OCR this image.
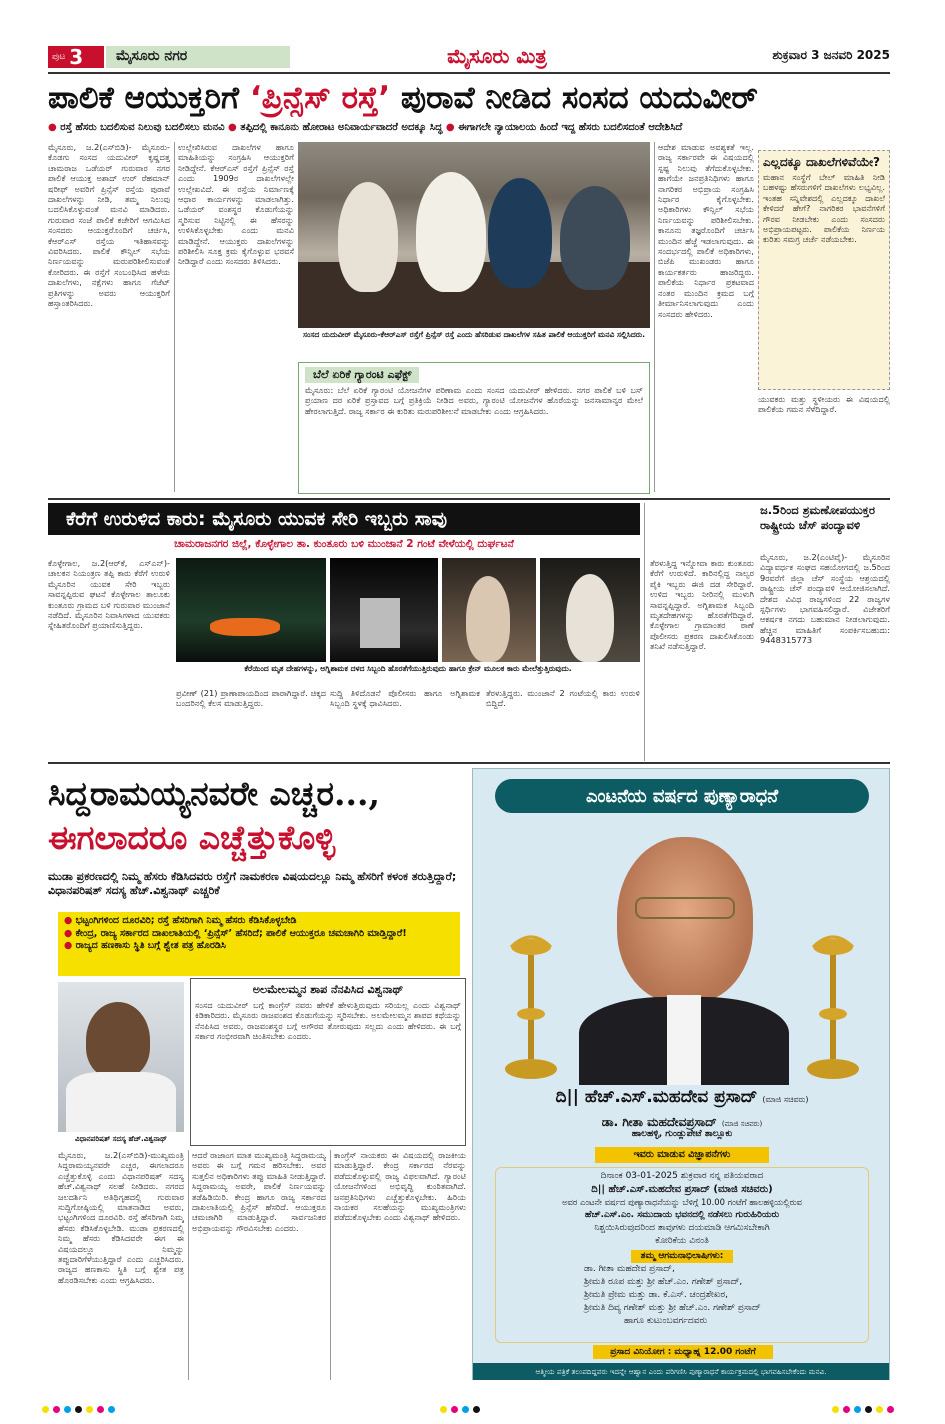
ಪುಟ 3	ಮೈಸೂರು ನಗರ	ಮೈಸೂರು ಮಿತ್ರ	ಶುಕ್ರವಾರ 3 ಜನವರಿ 2025
ಪಾಲಿಕೆ ಆಯುಕ್ತರಿಗೆ ‘ಪ್ರಿನ್ಸೆಸ್ ರಸ್ತೆ’ ಪುರಾವೆ ನೀಡಿದ ಸಂಸದ ಯದುವೀರ್
● ರಸ್ತೆ ಹೆಸರು ಬದಲಿಸುವ ನಿಲುವು ಬದಲಿಸಲು ಮನವಿ ● ತಪ್ಪಿದಲ್ಲಿ ಕಾನೂನು ಹೋರಾಟ ಅನಿವಾರ್ಯವಾದರೆ ಅದಕ್ಕೂ ಸಿದ್ಧ ● ಈಗಾಗಲೇ ನ್ಯಾಯಾಲಯ ಹಿಂದೆ ಇದ್ದ ಹೆಸರು ಬದಲಿಸದಂತೆ ಆದೇಶಿಸಿದೆ
ಮೈಸೂರು, ಜ.2(ಎಸ್‌ಬಿಡಿ)- ಮೈಸೂರು-ಕೊಡಗು ಸಂಸದ ಯದುವೀರ್ ಕೃಷ್ಣದತ್ತ ಚಾಮರಾಜ ಒಡೆಯರ್ ಗುರುವಾರ ನಗರ ಪಾಲಿಕೆ ಆಯುಕ್ತ ಅಶಾದ್ ಉರ್ ರೆಹಮಾನ್ ಷರೀಫ್ ಅವರಿಗೆ ಪ್ರಿನ್ಸೆಸ್ ರಸ್ತೆಯ ಪುರಾವೆ ದಾಖಲೆಗಳನ್ನು ನೀಡಿ, ತಮ್ಮ ನಿಲುವು ಬದಲಿಸಿಕೊಳ್ಳುವಂತೆ ಮನವಿ ಮಾಡಿದರು. ಗುರುವಾರ ಸಂಜೆ ಪಾಲಿಕೆ ಕಚೇರಿಗೆ ಆಗಮಿಸಿದ ಸಂಸದರು ಆಯುಕ್ತರೊಂದಿಗೆ ಚರ್ಚಿಸಿ, ಕೆಆರ್‌ಎಸ್ ರಸ್ತೆಯ ಇತಿಹಾಸವನ್ನು ವಿವರಿಸಿದರು. ಪಾಲಿಕೆ ಕೌನ್ಸಿಲ್ ಸಭೆಯ ನಿರ್ಣಯವನ್ನು ಮರುಪರಿಶೀಲಿಸುವಂತೆ ಕೋರಿದರು. ಈ ರಸ್ತೆಗೆ ಸಂಬಂಧಿಸಿದ ಹಳೆಯ ದಾಖಲೆಗಳು, ನಕ್ಷೆಗಳು ಹಾಗೂ ಗೆಜೆಟ್ ಪ್ರತಿಗಳನ್ನು ಅವರು ಆಯುಕ್ತರಿಗೆ ಹಸ್ತಾಂತರಿಸಿದರು.
ಉಲ್ಲೇಖಿಸಿರುವ ದಾಖಲೆಗಳ ಹಾಗೂ ಮಾಹಿತಿಯನ್ನು ಸಂಗ್ರಹಿಸಿ ಆಯುಕ್ತರಿಗೆ ನೀಡಿದ್ದೇನೆ. ಕೆಆರ್‌ಎಸ್ ರಸ್ತೆಗೆ ಪ್ರಿನ್ಸೆಸ್ ರಸ್ತೆ ಎಂದು 1909ರ ದಾಖಲೆಗಳಲ್ಲೇ ಉಲ್ಲೇಖವಿದೆ. ಈ ರಸ್ತೆಯ ನಿರ್ಮಾಣಕ್ಕೆ ಆಧಾರ ಕಾರ್ಯಗಳನ್ನು ಮಾಡಲಾಗಿತ್ತು. ಒಡೆಯರ್ ವಂಶಸ್ಥರ ಕೊಡುಗೆಯನ್ನು ಸ್ಮರಿಸುವ ನಿಟ್ಟಿನಲ್ಲಿ ಈ ಹೆಸರನ್ನು ಉಳಿಸಿಕೊಳ್ಳಬೇಕು ಎಂದು ಮನವಿ ಮಾಡಿದ್ದೇನೆ. ಆಯುಕ್ತರು ದಾಖಲೆಗಳನ್ನು ಪರಿಶೀಲಿಸಿ ಸೂಕ್ತ ಕ್ರಮ ಕೈಗೊಳ್ಳುವ ಭರವಸೆ ನೀಡಿದ್ದಾರೆ ಎಂದು ಸಂಸದರು ತಿಳಿಸಿದರು.
ಸಂಸದ ಯದುವೀರ್ ಮೈಸೂರು-ಕೆಆರ್‌ಎಸ್ ರಸ್ತೆಗೆ ಪ್ರಿನ್ಸೆಸ್ ರಸ್ತೆ ಎಂದು ಹೆಸರಿಡುವ ದಾಖಲೆಗಳ ಸಹಿತ ಪಾಲಿಕೆ ಆಯುಕ್ತರಿಗೆ ಮನವಿ ಸಲ್ಲಿಸಿದರು.
ಬೆಲೆ ಏರಿಕೆ ಗ್ಯಾರಂಟಿ ಎಫೆಕ್ಟ್
ಮೈಸೂರು: ಬೆಲೆ ಏರಿಕೆ ಗ್ಯಾರಂಟಿ ಯೋಜನೆಗಳ ಪರಿಣಾಮ ಎಂದು ಸಂಸದ ಯದುವೀರ್ ಹೇಳಿದರು. ನಗರ ಪಾಲಿಕೆ ಬಳಿ ಬಸ್ ಪ್ರಯಾಣ ದರ ಏರಿಕೆ ಪ್ರಸ್ತಾವದ ಬಗ್ಗೆ ಪ್ರತಿಕ್ರಿಯೆ ನೀಡಿದ ಅವರು, ಗ್ಯಾರಂಟಿ ಯೋಜನೆಗಳ ಹೊರೆಯನ್ನು ಜನಸಾಮಾನ್ಯರ ಮೇಲೆ ಹೇರಲಾಗುತ್ತಿದೆ. ರಾಜ್ಯ ಸರ್ಕಾರ ಈ ಕುರಿತು ಮರುಪರಿಶೀಲನೆ ಮಾಡಬೇಕು ಎಂದು ಆಗ್ರಹಿಸಿದರು.
ಆದೇಶ ಮಾಡುವ ಅವಶ್ಯಕತೆ ಇಲ್ಲ. ರಾಜ್ಯ ಸರ್ಕಾರವೇ ಈ ವಿಷಯದಲ್ಲಿ ಸ್ಪಷ್ಟ ನಿಲುವು ತೆಗೆದುಕೊಳ್ಳಬೇಕು. ಹಾಗೆಯೇ ಜನಪ್ರತಿನಿಧಿಗಳು ಹಾಗೂ ನಾಗರಿಕರ ಅಭಿಪ್ರಾಯ ಸಂಗ್ರಹಿಸಿ ನಿರ್ಧಾರ ಕೈಗೊಳ್ಳಬೇಕು. ಅಧಿಕಾರಿಗಳು ಕೌನ್ಸಿಲ್ ಸಭೆಯ ನಿರ್ಣಯವನ್ನು ಪರಿಶೀಲಿಸಬೇಕು. ಕಾನೂನು ತಜ್ಞರೊಂದಿಗೆ ಚರ್ಚಿಸಿ ಮುಂದಿನ ಹೆಜ್ಜೆ ಇಡಲಾಗುವುದು. ಈ ಸಂದರ್ಭದಲ್ಲಿ ಪಾಲಿಕೆ ಅಧಿಕಾರಿಗಳು, ಬಿಜೆಪಿ ಮುಖಂಡರು ಹಾಗೂ ಕಾರ್ಯಕರ್ತರು ಹಾಜರಿದ್ದರು. ಪಾಲಿಕೆಯ ನಿರ್ಧಾರ ಪ್ರಕಟವಾದ ನಂತರ ಮುಂದಿನ ಕ್ರಮದ ಬಗ್ಗೆ ತೀರ್ಮಾನಿಸಲಾಗುವುದು ಎಂದು ಸಂಸದರು ಹೇಳಿದರು.
ಎಲ್ಲದಕ್ಕೂ ದಾಖಲೆಗಳಿವೆಯೇ?
ಮಹಾನ ಸಂಸ್ಥೆಗೆ ಬೇಲ್ ಮಾಹಿತಿ ನೀಡಿ ಬಹಳಷ್ಟು ಹೆಸರುಗಳಿಗೆ ದಾಖಲೆಗಳು ಲಭ್ಯವಿಲ್ಲ. ಇಂತಹ ಸನ್ನಿವೇಶದಲ್ಲಿ ಎಲ್ಲದಕ್ಕೂ ದಾಖಲೆ ಕೇಳಿದರೆ ಹೇಗೆ? ನಾಗರಿಕರ ಭಾವನೆಗಳಿಗೆ ಗೌರವ ನೀಡಬೇಕು ಎಂದು ಸಂಸದರು ಅಭಿಪ್ರಾಯಪಟ್ಟರು. ಪಾಲಿಕೆಯ ನಿರ್ಣಯ ಕುರಿತು ಸಮಗ್ರ ಚರ್ಚೆ ನಡೆಯಬೇಕು.
ಯುವಕರು ಮತ್ತು ಸ್ಥಳೀಯರು ಈ ವಿಷಯದಲ್ಲಿ ಪಾಲಿಕೆಯ ಗಮನ ಸೆಳೆದಿದ್ದಾರೆ.
ಕೆರೆಗೆ ಉರುಳಿದ ಕಾರು: ಮೈಸೂರು ಯುವಕ ಸೇರಿ ಇಬ್ಬರು ಸಾವು
ಚಾಮರಾಜನಗರ ಜಿಲ್ಲೆ, ಕೊಳ್ಳೇಗಾಲ ತಾ. ಕುಂತೂರು ಬಳಿ ಮುಂಜಾನೆ 2 ಗಂಟೆ ವೇಳೆಯಲ್ಲಿ ದುರ್ಘಟನೆ
ಕೊಳ್ಳೇಗಾಲ, ಜ.2(ಆರ್‌ಕೆ, ಎಸ್‌ಎನ್)- ಚಾಲಕನ ನಿಯಂತ್ರಣ ತಪ್ಪಿ ಕಾರು ಕೆರೆಗೆ ಉರುಳಿ ಮೈಸೂರಿನ ಯುವಕ ಸೇರಿ ಇಬ್ಬರು ಸಾವನ್ನಪ್ಪಿರುವ ಘಟನೆ ಕೊಳ್ಳೇಗಾಲ ತಾಲೂಕು ಕುಂತೂರು ಗ್ರಾಮದ ಬಳಿ ಗುರುವಾರ ಮುಂಜಾನೆ ನಡೆದಿದೆ. ಮೈಸೂರಿನ ನಿವಾಸಿಗಳಾದ ಯುವಕರು ಸ್ನೇಹಿತರೊಂದಿಗೆ ಪ್ರಯಾಣಿಸುತ್ತಿದ್ದರು.
ಕೆರೆಯಿಂದ ಮೃತ ದೇಹಗಳನ್ನು, ಅಗ್ನಿಶಾಮಕ ದಳದ ಸಿಬ್ಬಂದಿ ಹೊರತೆಗೆಯುತ್ತಿರುವುದು ಹಾಗೂ ಕ್ರೇನ್ ಮೂಲಕ ಕಾರು ಮೇಲೆತ್ತುತ್ತಿರುವುದು.
ಪ್ರವೀಣ್ (21) ಪ್ರಾಣಾಪಾಯದಿಂದ ಪಾರಾಗಿದ್ದಾರೆ. ಚಿಕ್ಕದ ಬಂದರಿನಲ್ಲಿ ಕೆಲಸ ಮಾಡುತ್ತಿದ್ದರು.
ಸುದ್ದಿ ತಿಳಿದೊಡನೆ ಪೊಲೀಸರು ಹಾಗೂ ಅಗ್ನಿಶಾಮಕ ಸಿಬ್ಬಂದಿ ಸ್ಥಳಕ್ಕೆ ಧಾವಿಸಿದರು.
ತೆರಳುತ್ತಿದ್ದರು. ಮುಂಜಾನೆ 2 ಗಂಟೆಯಲ್ಲಿ ಕಾರು ಉರುಳಿ ಬಿದ್ದಿದೆ.
ತೆರಳುತ್ತಿದ್ದ ಇನ್ನೋವಾ ಕಾರು ಕುಂತೂರು ಕೆರೆಗೆ ಉರುಳಿದೆ. ಕಾರಿನಲ್ಲಿದ್ದ ನಾಲ್ವರ ಪೈಕಿ ಇಬ್ಬರು ಈಜಿ ದಡ ಸೇರಿದ್ದಾರೆ. ಉಳಿದ ಇಬ್ಬರು ನೀರಿನಲ್ಲಿ ಮುಳುಗಿ ಸಾವನ್ನಪ್ಪಿದ್ದಾರೆ. ಅಗ್ನಿಶಾಮಕ ಸಿಬ್ಬಂದಿ ಮೃತದೇಹಗಳನ್ನು ಹೊರತೆಗೆದಿದ್ದಾರೆ. ಕೊಳ್ಳೇಗಾಲ ಗ್ರಾಮಾಂತರ ಠಾಣೆ ಪೊಲೀಸರು ಪ್ರಕರಣ ದಾಖಲಿಸಿಕೊಂಡು ತನಿಖೆ ನಡೆಸುತ್ತಿದ್ದಾರೆ.
ಜ.5ರಿಂದ ಶ್ರಮಣೋಪಯುಕ್ತರ
ರಾಷ್ಟ್ರೀಯ ಚೆಸ್ ಪಂದ್ಯಾವಳಿ
ಮೈಸೂರು, ಜ.2(ಎಂಟಿವೈ)- ಮೈಸೂರಿನ ವಿದ್ಯಾವರ್ಧಕ ಸಂಘದ ಸಹಯೋಗದಲ್ಲಿ ಜ.5ರಿಂದ 9ರವರೆಗೆ ಜಿಲ್ಲಾ ಚೆಸ್ ಸಂಸ್ಥೆಯ ಆಶ್ರಯದಲ್ಲಿ ರಾಷ್ಟ್ರೀಯ ಚೆಸ್ ಪಂದ್ಯಾವಳಿ ಆಯೋಜಿಸಲಾಗಿದೆ. ದೇಶದ ವಿವಿಧ ರಾಜ್ಯಗಳಿಂದ 22 ರಾಜ್ಯಗಳ ಸ್ಪರ್ಧಿಗಳು ಭಾಗವಹಿಸಲಿದ್ದಾರೆ. ವಿಜೇತರಿಗೆ ಆಕರ್ಷಕ ನಗದು ಬಹುಮಾನ ನೀಡಲಾಗುವುದು. ಹೆಚ್ಚಿನ ಮಾಹಿತಿಗೆ ಸಂಪರ್ಕಿಸಬಹುದು: 9448315773
ಸಿದ್ದರಾಮಯ್ಯನವರೇ ಎಚ್ಚರ...,
ಈಗಲಾದರೂ ಎಚ್ಚೆತ್ತುಕೊಳ್ಳಿ
ಮುಡಾ ಪ್ರಕರಣದಲ್ಲಿ ನಿಮ್ಮ ಹೆಸರು ಕೆಡಿಸಿದವರು ರಸ್ತೆಗೆ ನಾಮಕರಣ ವಿಷಯದಲ್ಲೂ ನಿಮ್ಮ ಹೆಸರಿಗೆ ಕಳಂಕ ತರುತ್ತಿದ್ದಾರೆ; ವಿಧಾನಪರಿಷತ್ ಸದಸ್ಯ ಹೆಚ್.ವಿಶ್ವನಾಥ್ ಎಚ್ಚರಿಕೆ
● ಭಟ್ಟಂಗಿಗಳಿಂದ ದೂರವಿರಿ; ರಸ್ತೆ ಹೆಸರಿಗಾಗಿ ನಿಮ್ಮ ಹೆಸರು ಕೆಡಿಸಿಕೊಳ್ಳಬೇಡಿ
● ಕೇಂದ್ರ, ರಾಜ್ಯ ಸರ್ಕಾರದ ದಾಖಲಾತಿಯಲ್ಲಿ ‘ಪ್ರಿನ್ಸೆಸ್’ ಹೆಸರಿದೆ; ಪಾಲಿಕೆ ಆಯುಕ್ತರೂ ಚಮಚಾಗಿರಿ ಮಾಡ್ತಿದ್ದಾರೆ!
● ರಾಜ್ಯದ ಹಣಕಾಸು ಸ್ಥಿತಿ ಬಗ್ಗೆ ಶ್ವೇತ ಪತ್ರ ಹೊರಡಿಸಿ
ವಿಧಾನಪರಿಷತ್ ಸದಸ್ಯ ಹೆಚ್.ವಿಶ್ವನಾಥ್
ಅಲಮೇಲಮ್ಮನ ಶಾಪ ನೆನಪಿಸಿದ ವಿಶ್ವನಾಥ್
ಸಂಸದ ಯದುವೀರ್ ಬಗ್ಗೆ ಕಾಂಗ್ರೆಸ್ ನವರು ಹೇಳಿಕೆ ಹೇಳುತ್ತಿರುವುದು ಸರಿಯಲ್ಲ ಎಂದು ವಿಶ್ವನಾಥ್ ಕಿಡಿಕಾರಿದರು. ಮೈಸೂರು ರಾಜವಂಶದ ಕೊಡುಗೆಯನ್ನು ಸ್ಮರಿಸಬೇಕು. ಅಲಮೇಲಮ್ಮನ ಶಾಪದ ಕಥೆಯನ್ನು ನೆನಪಿಸಿದ ಅವರು, ರಾಜವಂಶಸ್ಥರ ಬಗ್ಗೆ ಅಗೌರವ ತೋರುವುದು ಸಲ್ಲದು ಎಂದು ಹೇಳಿದರು. ಈ ಬಗ್ಗೆ ಸರ್ಕಾರ ಗಂಭೀರವಾಗಿ ಚಿಂತಿಸಬೇಕು ಎಂದರು.
ಮೈಸೂರು, ಜ.2(ಎಸ್‌ಬಿಡಿ)-ಮುಖ್ಯಮಂತ್ರಿ ಸಿದ್ದರಾಮಯ್ಯನವರೇ ಎಚ್ಚರ, ಈಗಲಾದರೂ ಎಚ್ಚೆತ್ತುಕೊಳ್ಳಿ ಎಂದು ವಿಧಾನಪರಿಷತ್ ಸದಸ್ಯ ಹೆಚ್.ವಿಶ್ವನಾಥ್ ಸಲಹೆ ನೀಡಿದರು. ನಗರದ ಜಲದರ್ಶಿನಿ ಅತಿಥಿಗೃಹದಲ್ಲಿ ಗುರುವಾರ ಸುದ್ದಿಗೋಷ್ಠಿಯಲ್ಲಿ ಮಾತನಾಡಿದ ಅವರು, ಭಟ್ಟಂಗಿಗಳಿಂದ ದೂರವಿರಿ. ರಸ್ತೆ ಹೆಸರಿಗಾಗಿ ನಿಮ್ಮ ಹೆಸರು ಕೆಡಿಸಿಕೊಳ್ಳಬೇಡಿ. ಮುಡಾ ಪ್ರಕರಣದಲ್ಲಿ ನಿಮ್ಮ ಹೆಸರು ಕೆಡಿಸಿದವರೇ ಈಗ ಈ ವಿಷಯದಲ್ಲೂ ನಿಮ್ಮನ್ನು ತಪ್ಪುದಾರಿಗೆಳೆಯುತ್ತಿದ್ದಾರೆ ಎಂದು ಎಚ್ಚರಿಸಿದರು. ರಾಜ್ಯದ ಹಣಕಾಸು ಸ್ಥಿತಿ ಬಗ್ಗೆ ಶ್ವೇತ ಪತ್ರ ಹೊರಡಿಸಬೇಕು ಎಂದು ಆಗ್ರಹಿಸಿದರು.
ಆದರೆ ರಾಜಾಂಗ ಮಾತ ಮುಖ್ಯಮಂತ್ರಿ ಸಿದ್ದರಾಮಯ್ಯ ಅವರು ಈ ಬಗ್ಗೆ ಗಮನ ಹರಿಸಬೇಕು. ಅವರ ಸುತ್ತಲಿನ ಅಧಿಕಾರಿಗಳು ತಪ್ಪು ಮಾಹಿತಿ ನೀಡುತ್ತಿದ್ದಾರೆ. ಸಿದ್ದರಾಮಯ್ಯ ಅವರೇ, ಪಾಲಿಕೆ ನಿರ್ಣಯವನ್ನು ತಡೆಹಿಡಿಯಿರಿ. ಕೇಂದ್ರ ಹಾಗೂ ರಾಜ್ಯ ಸರ್ಕಾರದ ದಾಖಲಾತಿಯಲ್ಲಿ ಪ್ರಿನ್ಸೆಸ್ ಹೆಸರಿದೆ. ಆಯುಕ್ತರೂ ಚಮಚಾಗಿರಿ ಮಾಡುತ್ತಿದ್ದಾರೆ. ಸಾರ್ವಜನಿಕರ ಅಭಿಪ್ರಾಯವನ್ನು ಗೌರವಿಸಬೇಕು ಎಂದರು.
ಕಾಂಗ್ರೆಸ್ ನಾಯಕರು ಈ ವಿಷಯದಲ್ಲಿ ರಾಜಕೀಯ ಮಾಡುತ್ತಿದ್ದಾರೆ. ಕೇಂದ್ರ ಸರ್ಕಾರದ ನೆರವನ್ನು ಪಡೆದುಕೊಳ್ಳುವಲ್ಲಿ ರಾಜ್ಯ ವಿಫಲವಾಗಿದೆ. ಗ್ಯಾರಂಟಿ ಯೋಜನೆಗಳಿಂದ ಅಭಿವೃದ್ಧಿ ಕುಂಠಿತವಾಗಿದೆ. ಜನಪ್ರತಿನಿಧಿಗಳು ಎಚ್ಚೆತ್ತುಕೊಳ್ಳಬೇಕು. ಹಿರಿಯ ನಾಯಕರ ಸಲಹೆಯನ್ನು ಮುಖ್ಯಮಂತ್ರಿಗಳು ಪಡೆದುಕೊಳ್ಳಬೇಕು ಎಂದು ವಿಶ್ವನಾಥ್ ಹೇಳಿದರು.
ಎಂಟನೆಯ ವರ್ಷದ ಪುಣ್ಯಾರಾಧನೆ
ದಿ|| ಹೆಚ್.ಎಸ್.ಮಹದೇವ ಪ್ರಸಾದ್ (ಮಾಜಿ ಸಚಿವರು)
ಡಾ. ಗೀತಾ ಮಹದೇವಪ್ರಸಾದ್ (ಮಾಜಿ ಸಚಿವರು)
ಹಾಲಹಳ್ಳಿ, ಗುಂಡ್ಲುಪೇಟೆ ತಾಲ್ಲೂಕು
ಇವರು ಮಾಡುವ ವಿಜ್ಞಾಪನೆಗಳು
ದಿನಾಂಕ 03-01-2025 ಶುಕ್ರವಾರ ನನ್ನ ಪತಿಯವರಾದ
ದಿ|| ಹೆಚ್.ಎಸ್.ಮಹದೇವ ಪ್ರಸಾದ್ (ಮಾಜಿ ಸಚಿವರು)
ಅವರ ಎಂಟನೇ ವರ್ಷದ ಪುಣ್ಯಾರಾಧನೆಯನ್ನು ಬೆಳಿಗ್ಗೆ 10.00 ಗಂಟೆಗೆ ಹಾಲಹಳ್ಳಿಯಲ್ಲಿರುವ
ಹೆಚ್.ಎಸ್.ಎಂ. ಸಮುದಾಯ ಭವನದಲ್ಲಿ ನಡೆಸಲು ಗುರುಹಿರಿಯರು
ನಿಶ್ಚಯಿಸಿರುವುದರಿಂದ ತಾವುಗಳು ದಯಮಾಡಿ ಆಗಮಿಸಬೇಕಾಗಿ
ಕೋರಿಕೆಯ ವಿನಂತಿ
ತಮ್ಮ ಆಗಮನಾಭಿಲಾಷಿಗಳು:
ಡಾ. ಗೀತಾ ಮಹದೇವ ಪ್ರಸಾದ್,
ಶ್ರೀಮತಿ ರೂಪ ಮತ್ತು ಶ್ರೀ ಹೆಚ್.ಎಂ. ಗಣೇಶ್ ಪ್ರಸಾದ್,
ಶ್ರೀಮತಿ ಪ್ರೇಮ ಮತ್ತು ಡಾ. ಕೆ.ಎಸ್. ಚಂದ್ರಶೇಖರ,
ಶ್ರೀಮತಿ ದಿವ್ಯ ಗಣೇಶ್ ಮತ್ತು ಶ್ರೀ ಹೆಚ್.ಎಂ. ಗಣೇಶ್ ಪ್ರಸಾದ್
ಹಾಗೂ ಕುಟುಂಬವರ್ಗದವರು
ಪ್ರಸಾದ ವಿನಿಯೋಗ : ಮಧ್ಯಾಹ್ನ 12.00 ಗಂಟೆಗೆ
ಆತ್ಮೀಯ ಪತ್ರಿಕೆ ತಲುಪದಿದ್ದವರು ಇದನ್ನೇ ಆಹ್ವಾನ ಎಂದು ಪರಿಗಣಿಸಿ ಪುಣ್ಯಾರಾಧನೆ ಕಾರ್ಯಕ್ರಮದಲ್ಲಿ ಭಾಗವಹಿಸಬೇಕೆಂದು ಮನವಿ.
